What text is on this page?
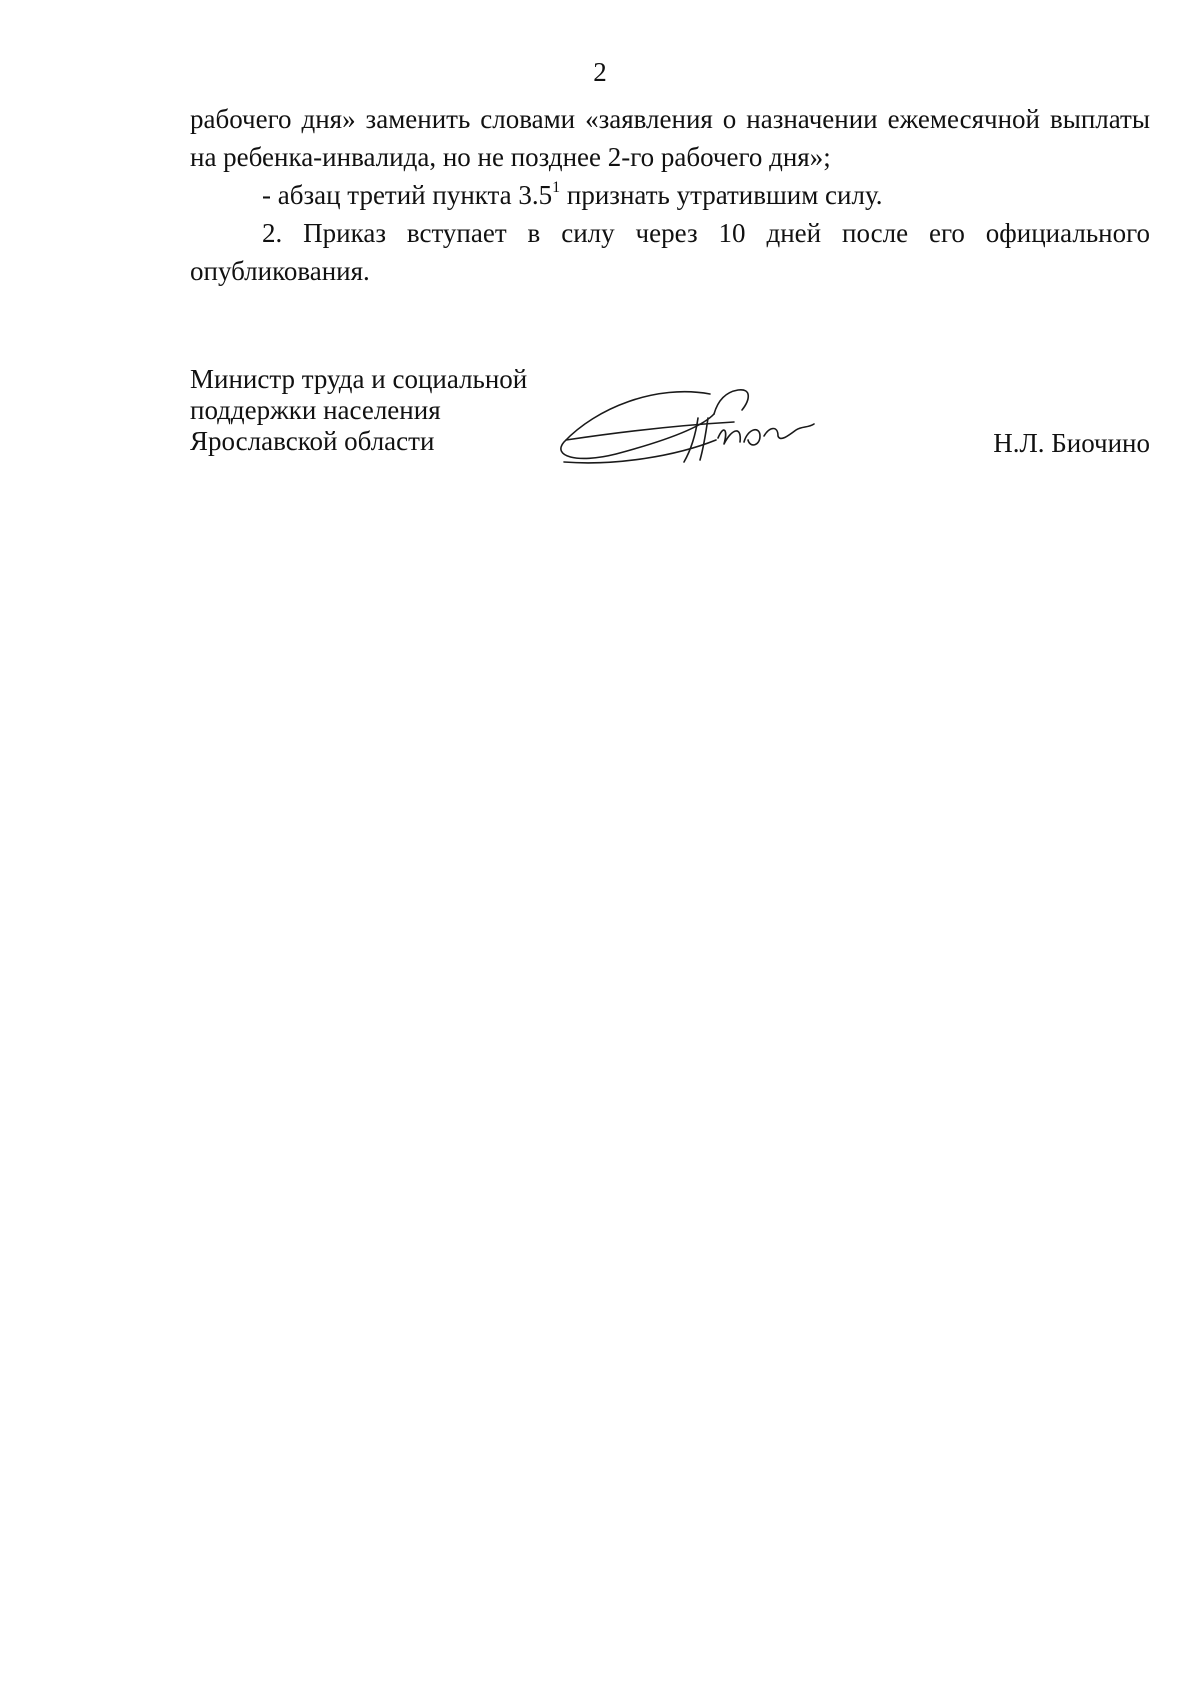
2

рабочего дня» заменить словами «заявления о назначении ежемесячной выплаты на ребенка-инвалида, но не позднее 2-го рабочего дня»;

- абзац третий пункта $3.5^1$ признать утратившим силу.

2. Приказ вступает в силу через 10 дней после его официального опубликования.

Министр труда и социальной
поддержки населения
Ярославской области	Н.Л. Биочино
